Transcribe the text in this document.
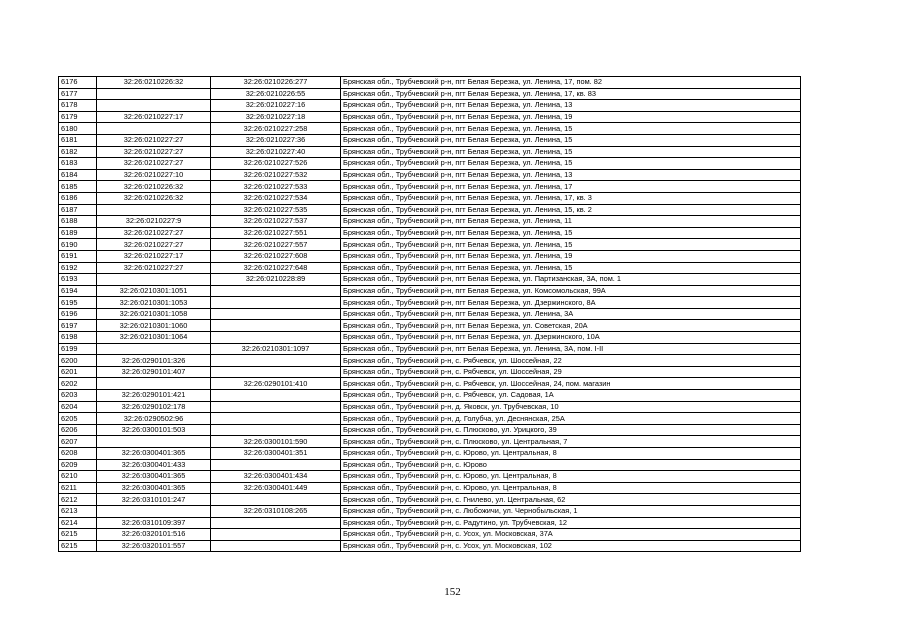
6176	32:26:0210226:32	32:26:0210226:277	Брянская обл., Трубчевский р-н, пгт Белая Березка, ул. Ленина, 17, пом. 82
6177		32:26:0210226:55	Брянская обл., Трубчевский р-н, пгт Белая Березка, ул. Ленина, 17, кв. 83
6178		32:26:0210227:16	Брянская обл., Трубчевский р-н, пгт Белая Березка, ул. Ленина, 13
6179	32:26:0210227:17	32:26:0210227:18	Брянская обл., Трубчевский р-н, пгт Белая Березка, ул. Ленина, 19
6180		32:26:0210227:258	Брянская обл., Трубчевский р-н, пгт Белая Березка, ул. Ленина, 15
6181	32:26:0210227:27	32:26:0210227:36	Брянская обл., Трубчевский р-н, пгт Белая Березка, ул. Ленина, 15
6182	32:26:0210227:27	32:26:0210227:40	Брянская обл., Трубчевский р-н, пгт Белая Березка, ул. Ленина, 15
6183	32:26:0210227:27	32:26:0210227:526	Брянская обл., Трубчевский р-н, пгт Белая Березка, ул. Ленина, 15
6184	32:26:0210227:10	32:26:0210227:532	Брянская обл., Трубчевский р-н, пгт Белая Березка, ул. Ленина, 13
6185	32:26:0210226:32	32:26:0210227:533	Брянская обл., Трубчевский р-н, пгт Белая Березка, ул. Ленина, 17
6186	32:26:0210226:32	32:26:0210227:534	Брянская обл., Трубчевский р-н, пгт Белая Березка, ул. Ленина, 17, кв. 3
6187		32:26:0210227:535	Брянская обл., Трубчевский р-н, пгт Белая Березка, ул. Ленина, 15, кв. 2
6188	32:26:0210227:9	32:26:0210227:537	Брянская обл., Трубчевский р-н, пгт Белая Березка, ул. Ленина, 11
6189	32:26:0210227:27	32:26:0210227:551	Брянская обл., Трубчевский р-н, пгт Белая Березка, ул. Ленина, 15
6190	32:26:0210227:27	32:26:0210227:557	Брянская обл., Трубчевский р-н, пгт Белая Березка, ул. Ленина, 15
6191	32:26:0210227:17	32:26:0210227:608	Брянская обл., Трубчевский р-н, пгт Белая Березка, ул. Ленина, 19
6192	32:26:0210227:27	32:26:0210227:648	Брянская обл., Трубчевский р-н, пгт Белая Березка, ул. Ленина, 15
6193		32:26:0210228:89	Брянская обл., Трубчевский р-н, пгт Белая Березка, ул. Партизанская, 3А, пом. 1
6194	32:26:0210301:1051		Брянская обл., Трубчевский р-н, пгт Белая Березка, ул. Комсомольская, 99А
6195	32:26:0210301:1053		Брянская обл., Трубчевский р-н, пгт Белая Березка, ул. Дзержинского, 8А
6196	32:26:0210301:1058		Брянская обл., Трубчевский р-н, пгт Белая Березка, ул. Ленина, 3А
6197	32:26:0210301:1060		Брянская обл., Трубчевский р-н, пгт Белая Березка, ул. Советская, 20А
6198	32:26:0210301:1064		Брянская обл., Трубчевский р-н, пгт Белая Березка, ул. Дзержинского, 10А
6199		32:26:0210301:1097	Брянская обл., Трубчевский р-н, пгт Белая Березка, ул. Ленина, 3А, пом. I-II
6200	32:26:0290101:326		Брянская обл., Трубчевский р-н, с. Рябчевск, ул. Шоссейная, 22
6201	32:26:0290101:407		Брянская обл., Трубчевский р-н, с. Рябчевск, ул. Шоссейная, 29
6202		32:26:0290101:410	Брянская обл., Трубчевский р-н, с. Рябчевск, ул. Шоссейная, 24, пом. магазин
6203	32:26:0290101:421		Брянская обл., Трубчевский р-н, с. Рябчевск, ул. Садовая, 1А
6204	32:26:0290102:178		Брянская обл., Трубчевский р-н, д. Яковск, ул. Трубчевская, 10
6205	32:26:0290502:96		Брянская обл., Трубчевский р-н, д. Голубча, ул. Деснянская, 25А
6206	32:26:0300101:503		Брянская обл., Трубчевский р-н, с. Плюсково, ул. Урицкого, 39
6207		32:26:0300101:590	Брянская обл., Трубчевский р-н, с. Плюсково, ул. Центральная, 7
6208	32:26:0300401:365	32:26:0300401:351	Брянская обл., Трубчевский р-н, с. Юрово, ул. Центральная, 8
6209	32:26:0300401:433		Брянская обл., Трубчевский р-н, с. Юрово
6210	32:26:0300401:365	32:26:0300401:434	Брянская обл., Трубчевский р-н, с. Юрово, ул. Центральная, 8
6211	32:26:0300401:365	32:26:0300401:449	Брянская обл., Трубчевский р-н, с. Юрово, ул. Центральная, 8
6212	32:26:0310101:247		Брянская обл., Трубчевский р-н, с. Гнилево, ул. Центральная, 62
6213		32:26:0310108:265	Брянская обл., Трубчевский р-н, с. Любожичи, ул. Чернобыльская, 1
6214	32:26:0310109:397		Брянская обл., Трубчевский р-н, с. Радутино, ул. Трубчевская, 12
6215	32:26:0320101:516		Брянская обл., Трубчевский р-н, с. Усох, ул. Московская, 37А
6215	32:26:0320101:557		Брянская обл., Трубчевский р-н, с. Усох, ул. Московская, 102
152
